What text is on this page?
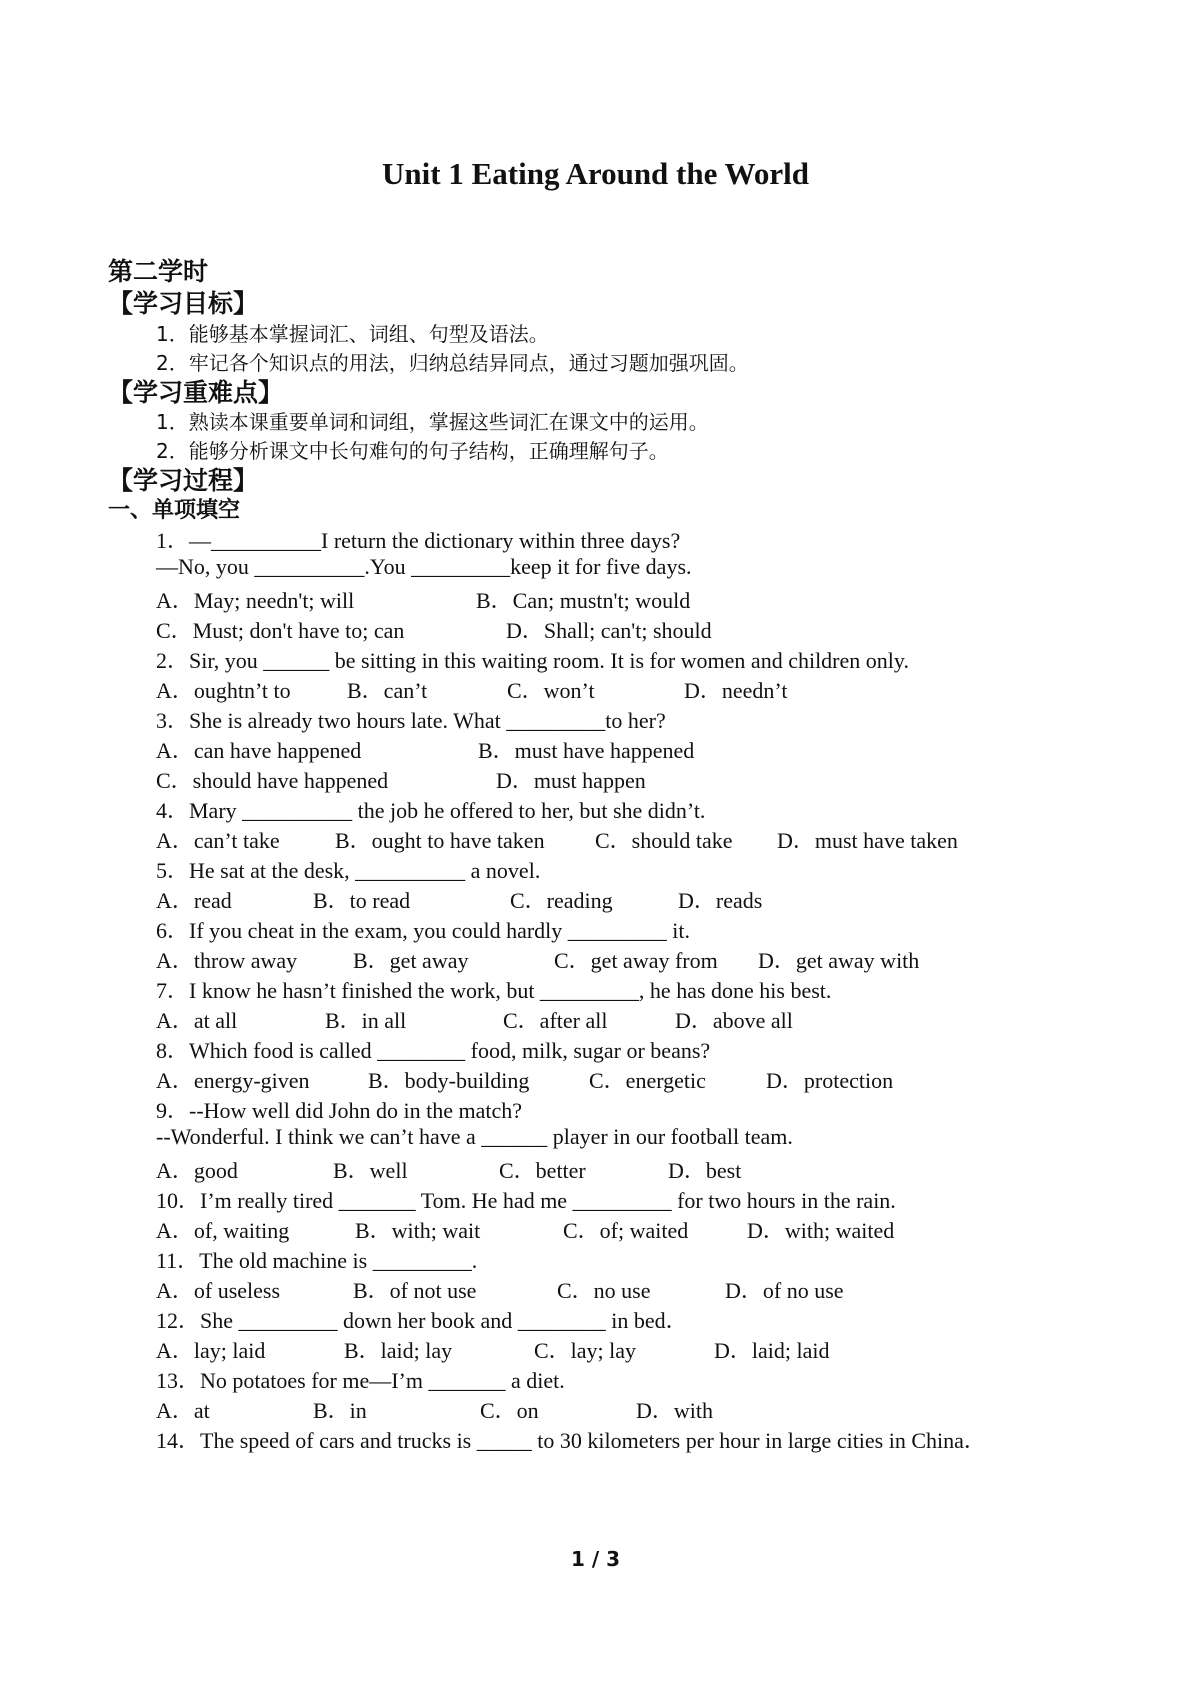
Unit 1 Eating Around the World
第二学时
【学习目标】
1．能够基本掌握词汇、词组、句型及语法。
2．牢记各个知识点的用法，归纳总结异同点，通过习题加强巩固。
【学习重难点】
1．熟读本课重要单词和词组，掌握这些词汇在课文中的运用。
2．能够分析课文中长句难句的句子结构，正确理解句子。
【学习过程】
一、单项填空
1．—__________I return the dictionary within three days?
—No, you __________.You _________keep it for five days.
A．May; needn't; will	B．Can; mustn't; would
C．Must; don't have to; can	D．Shall; can't; should
2．Sir, you ______ be sitting in this waiting room. It is for women and children only.
A．oughtn’t to	B．can’t	C．won’t	D．needn’t
3．She is already two hours late. What _________to her?
A．can have happened	B．must have happened
C．should have happened	D．must happen
4．Mary __________ the job he offered to her, but she didn’t.
A．can’t take	B．ought to have taken C．should take D．must have taken
5．He sat at the desk, __________ a novel.
A．read	B．to read	C．reading	D．reads
6．If you cheat in the exam, you could hardly _________ it.
A．throw away	B．get away	C．get away from D．get away with
7．I know he hasn’t finished the work, but _________, he has done his best.
A．at all	B．in all	C．after all	D．above all
8．Which food is called ________ food, milk, sugar or beans?
A．energy-given	B．body-building	C．energetic	D．protection
9．--How well did John do in the match?
--Wonderful. I think we can’t have a ______ player in our football team.
A．good	B．well	C．better	D．best
10．I’m really tired _______ Tom. He had me _________ for two hours in the rain.
A．of, waiting	B．with; wait	C．of; waited	D．with; waited
11．The old machine is _________.
A．of useless	B．of not use	C．no use	D．of no use
12．She _________ down her book and ________ in bed．
A．lay; laid	B．laid; lay	C．lay; lay	D．laid; laid
13．No potatoes for me—I’m _______ a diet.
A．at	B．in	C．on	D．with
14．The speed of cars and trucks is _____ to 30 kilometers per hour in large cities in China．
1 / 3
